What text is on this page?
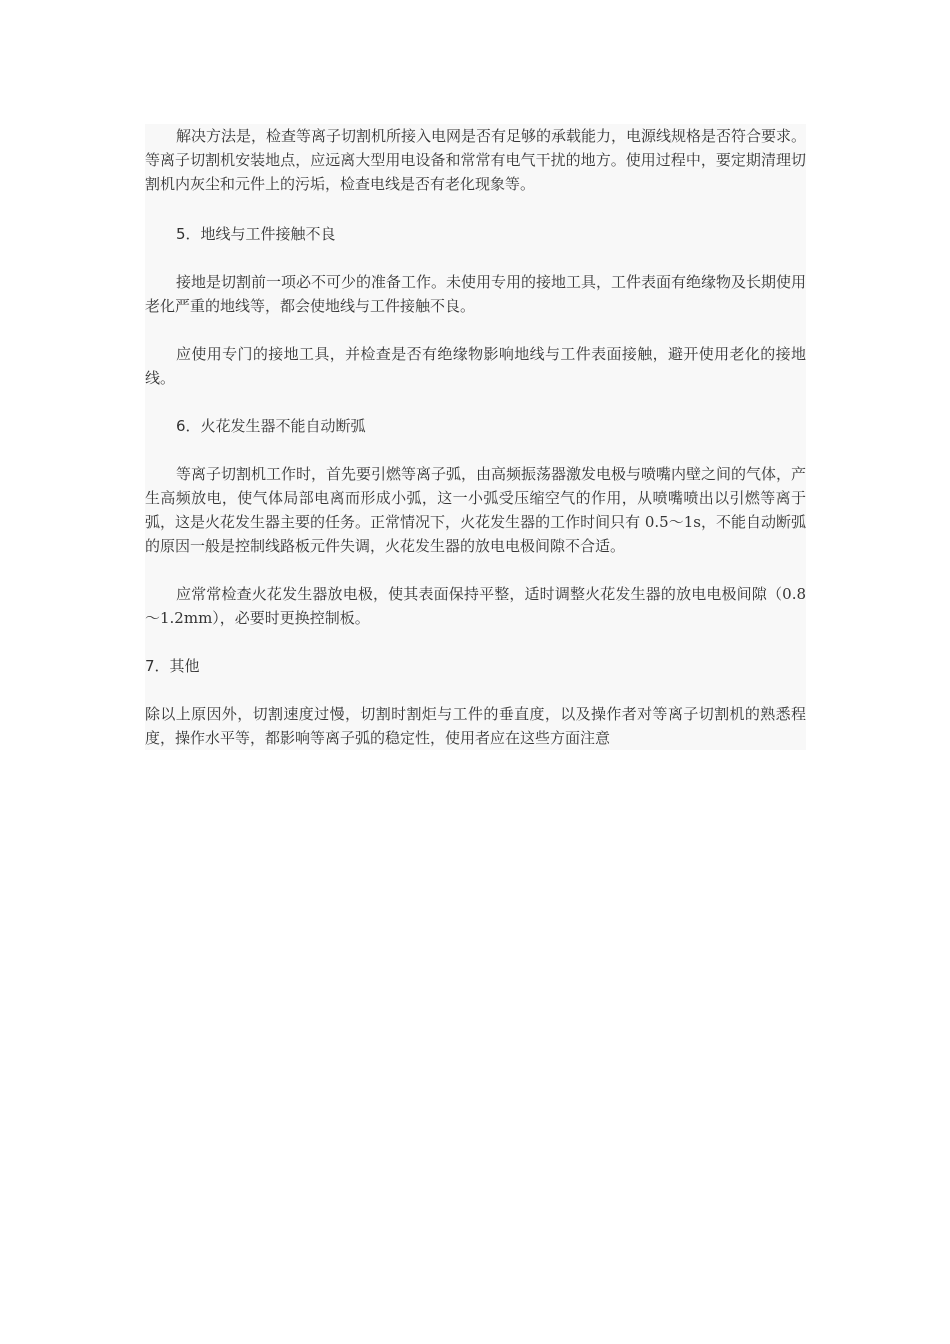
解决方法是，检查等离子切割机所接入电网是否有足够的承载能力，电源线规格是否符合要求。等离子切割机安装地点，应远离大型用电设备和常常有电气干扰的地方。使用过程中，要定期清理切割机内灰尘和元件上的污垢，检查电线是否有老化现象等。

5．地线与工件接触不良

接地是切割前一项必不可少的准备工作。未使用专用的接地工具，工件表面有绝缘物及长期使用老化严重的地线等，都会使地线与工件接触不良。

应使用专门的接地工具，并检查是否有绝缘物影响地线与工件表面接触，避开使用老化的接地线。

6．火花发生器不能自动断弧

等离子切割机工作时，首先要引燃等离子弧，由高频振荡器激发电极与喷嘴内壁之间的气体，产生高频放电，使气体局部电离而形成小弧，这一小弧受压缩空气的作用，从喷嘴喷出以引燃等离于弧，这是火花发生器主要的任务。正常情况下，火花发生器的工作时间只有 0.5～1s，不能自动断弧的原因一般是控制线路板元件失调，火花发生器的放电电极间隙不合适。

应常常检查火花发生器放电极，使其表面保持平整，适时调整火花发生器的放电电极间隙（0.8～1.2mm），必要时更换控制板。

7．其他

除以上原因外，切割速度过慢，切割时割炬与工件的垂直度，以及操作者对等离子切割机的熟悉程度，操作水平等，都影响等离子弧的稳定性，使用者应在这些方面注意
